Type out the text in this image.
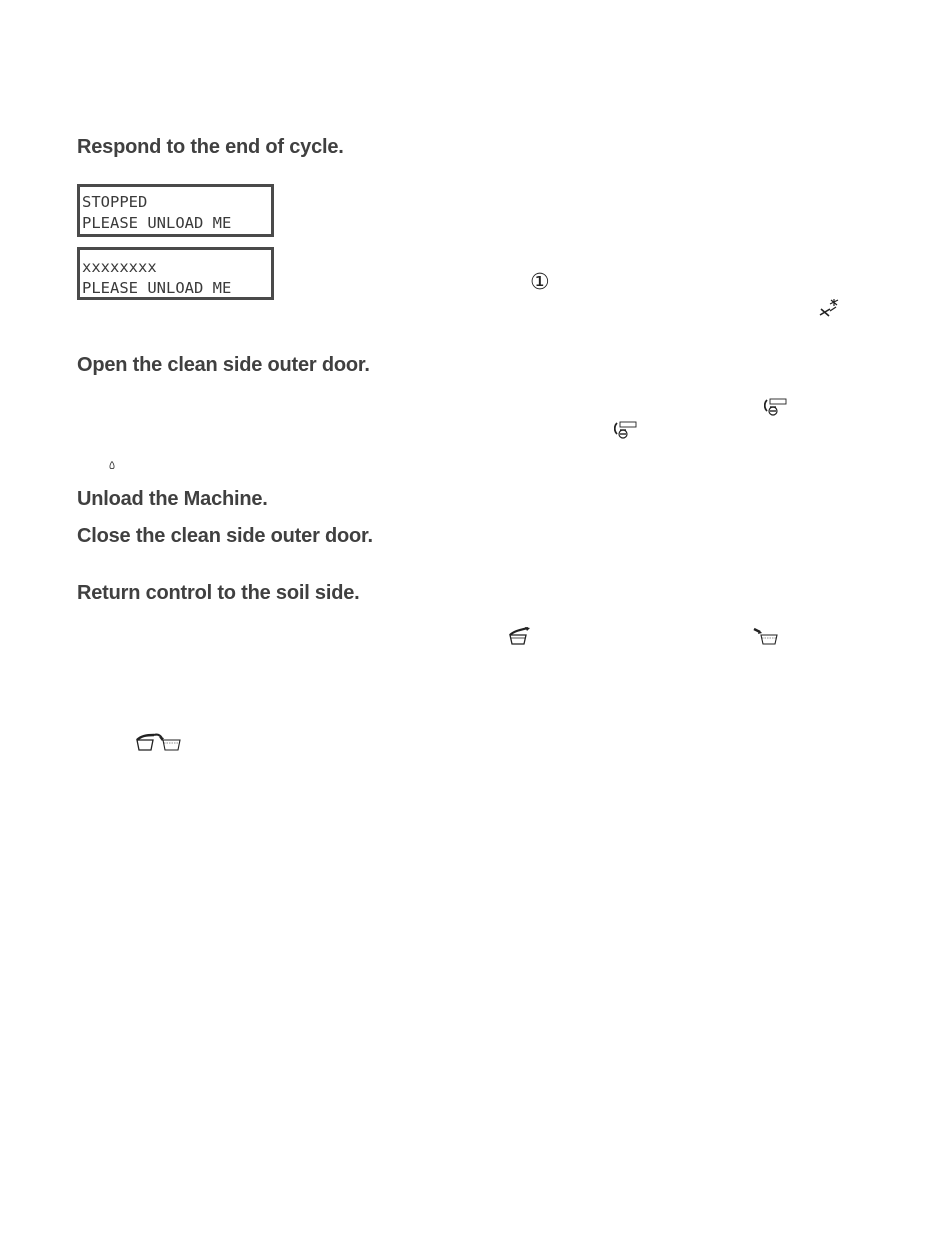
Respond to the end of cycle.
Open the clean side outer door.
Unload the Machine.
Close the clean side outer door.
Return control to the soil side.
STOPPED
PLEASE UNLOAD ME
xxxxxxxx
PLEASE UNLOAD ME	①
